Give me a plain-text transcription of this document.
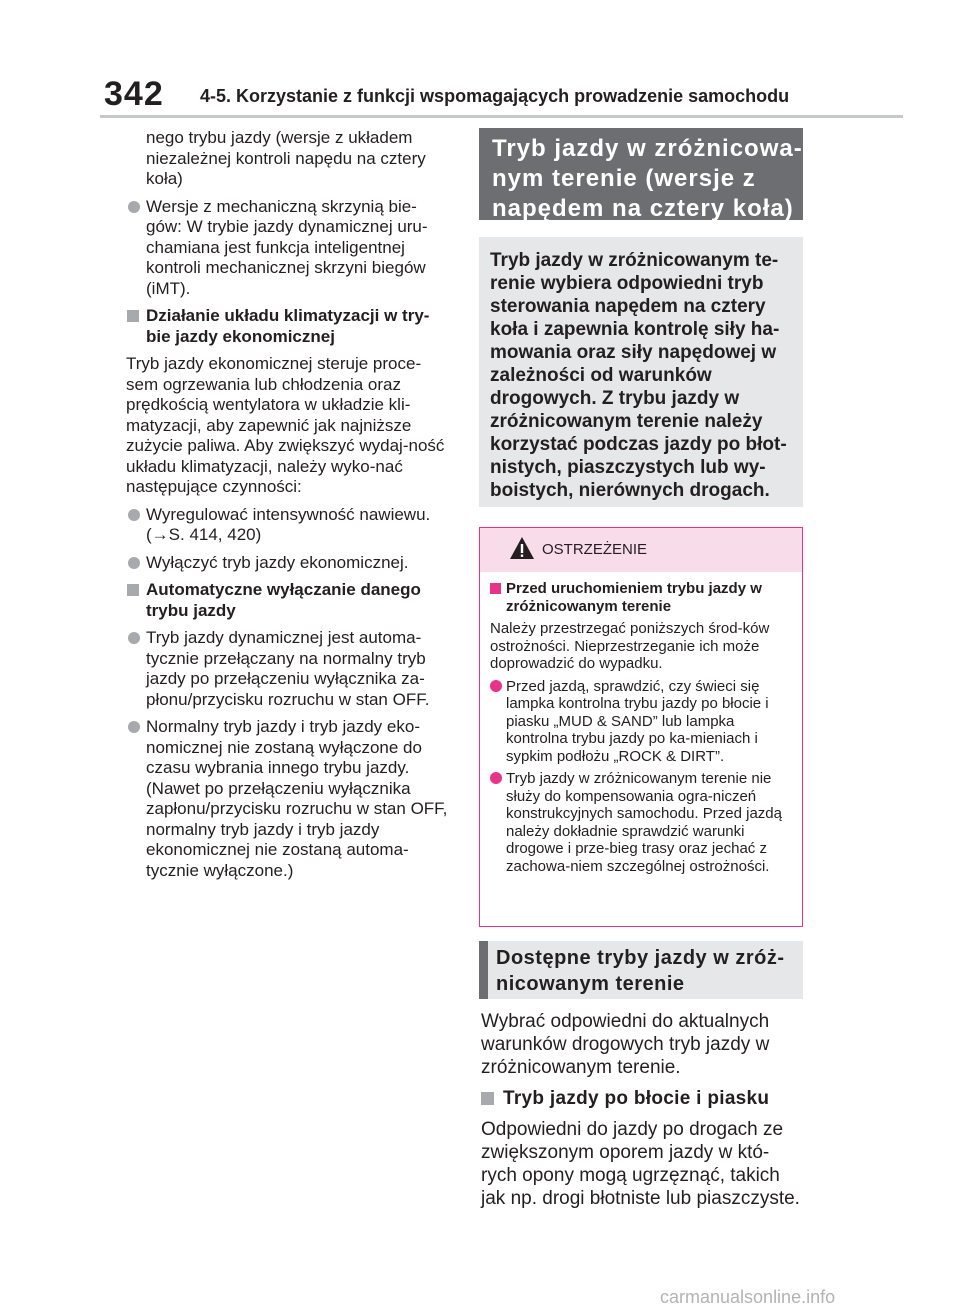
342 4-5. Korzystanie z funkcji wspomagających prowadzenie samochodu

nego trybu jazdy (wersje z układem niezależnej kontroli napędu na cztery koła)

Wersje z mechaniczną skrzynią bie-gów: W trybie jazdy dynamicznej uru-chamiana jest funkcja inteligentnej kontroli mechanicznej skrzyni biegów (iMT).

Działanie układu klimatyzacji w try-bie jazdy ekonomicznej

Tryb jazdy ekonomicznej steruje proce-sem ogrzewania lub chłodzenia oraz prędkością wentylatora w układzie kli-matyzacji, aby zapewnić jak najniższe zużycie paliwa. Aby zwiększyć wydaj-ność układu klimatyzacji, należy wyko-nać następujące czynności:

Wyregulować intensywność nawiewu. (→S. 414, 420)

Wyłączyć tryb jazdy ekonomicznej.

Automatyczne wyłączanie danego trybu jazdy

Tryb jazdy dynamicznej jest automa-tycznie przełączany na normalny tryb jazdy po przełączeniu wyłącznika za-płonu/przycisku rozruchu w stan OFF.

Normalny tryb jazdy i tryb jazdy eko-nomicznej nie zostaną wyłączone do czasu wybrania innego trybu jazdy. (Nawet po przełączeniu wyłącznika zapłonu/przycisku rozruchu w stan OFF, normalny tryb jazdy i tryb jazdy ekonomicznej nie zostaną automa-tycznie wyłączone.)

Tryb jazdy w zróżnicowa-nym terenie (wersje z napędem na cztery koła)
Tryb jazdy w zróżnicowanym te-renie wybiera odpowiedni tryb sterowania napędem na cztery koła i zapewnia kontrolę siły ha-mowania oraz siły napędowej w zależności od warunków drogowych. Z trybu jazdy w zróżnicowanym terenie należy korzystać podczas jazdy po błot-nistych, piaszczystych lub wy-boistych, nierównych drogach.
OSTRZEŻENIE

Przed uruchomieniem trybu jazdy w zróżnicowanym terenie

Należy przestrzegać poniższych środ-ków ostrożności. Nieprzestrzeganie ich może doprowadzić do wypadku.

Przed jazdą, sprawdzić, czy świeci się lampka kontrolna trybu jazdy po błocie i piasku „MUD & SAND” lub lampka kontrolna trybu jazdy po ka-mieniach i sypkim podłożu „ROCK & DIRT”.

Tryb jazdy w zróżnicowanym terenie nie służy do kompensowania ogra-niczeń konstrukcyjnych samochodu. Przed jazdą należy dokładnie sprawdzić warunki drogowe i prze-bieg trasy oraz jechać z zachowa-niem szczególnej ostrożności.

Dostępne tryby jazdy w zróż-nicowanym terenie

Wybrać odpowiedni do aktualnych warunków drogowych tryb jazdy w zróżnicowanym terenie.

Tryb jazdy po błocie i piasku

Odpowiedni do jazdy po drogach ze zwiększonym oporem jazdy w któ-rych opony mogą ugrzęznąć, takich jak np. drogi błotniste lub piaszczyste.

carmanualsonline.info
